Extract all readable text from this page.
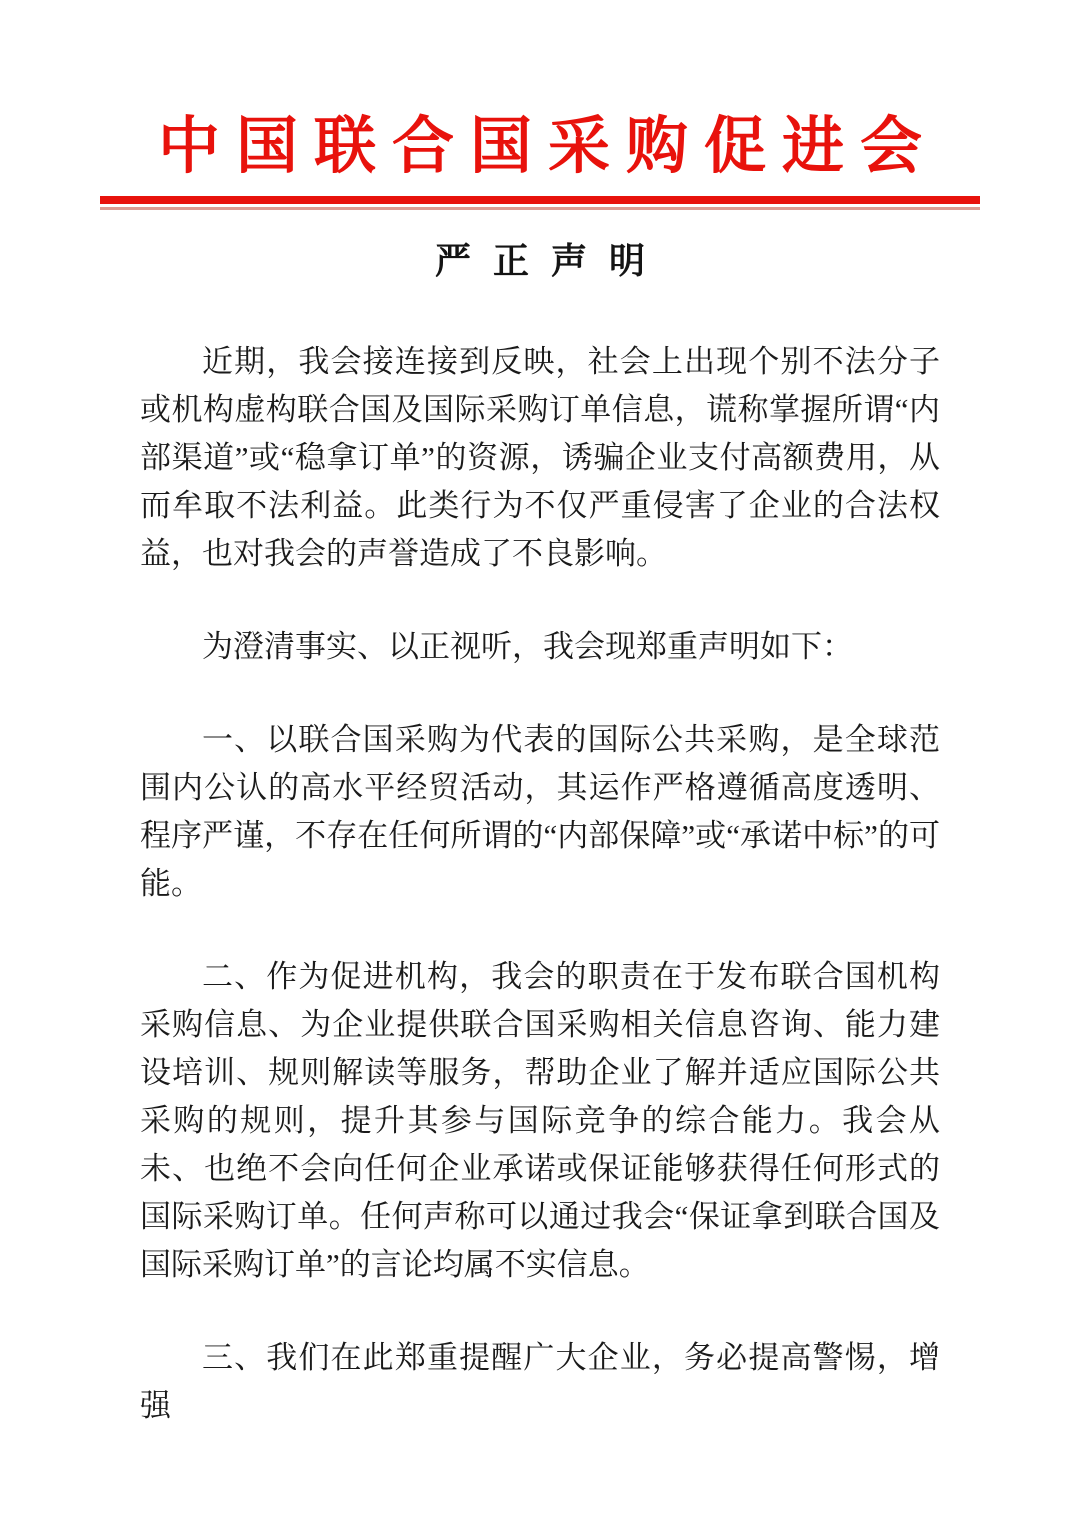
中国联合国采购促进会
严正声明

近期，我会接连接到反映，社会上出现个别不法分子或机构虚构联合国及国际采购订单信息，谎称掌握所谓“内部渠道”或“稳拿订单”的资源，诱骗企业支付高额费用，从而牟取不法利益。此类行为不仅严重侵害了企业的合法权益，也对我会的声誉造成了不良影响。

为澄清事实、以正视听，我会现郑重声明如下：

一、以联合国采购为代表的国际公共采购，是全球范围内公认的高水平经贸活动，其运作严格遵循高度透明、程序严谨，不存在任何所谓的“内部保障”或“承诺中标”的可能。

二、作为促进机构，我会的职责在于发布联合国机构采购信息、为企业提供联合国采购相关信息咨询、能力建设培训、规则解读等服务，帮助企业了解并适应国际公共采购的规则，提升其参与国际竞争的综合能力。我会从未、也绝不会向任何企业承诺或保证能够获得任何形式的国际采购订单。任何声称可以通过我会“保证拿到联合国及国际采购订单”的言论均属不实信息。

三、我们在此郑重提醒广大企业，务必提高警惕，增强
